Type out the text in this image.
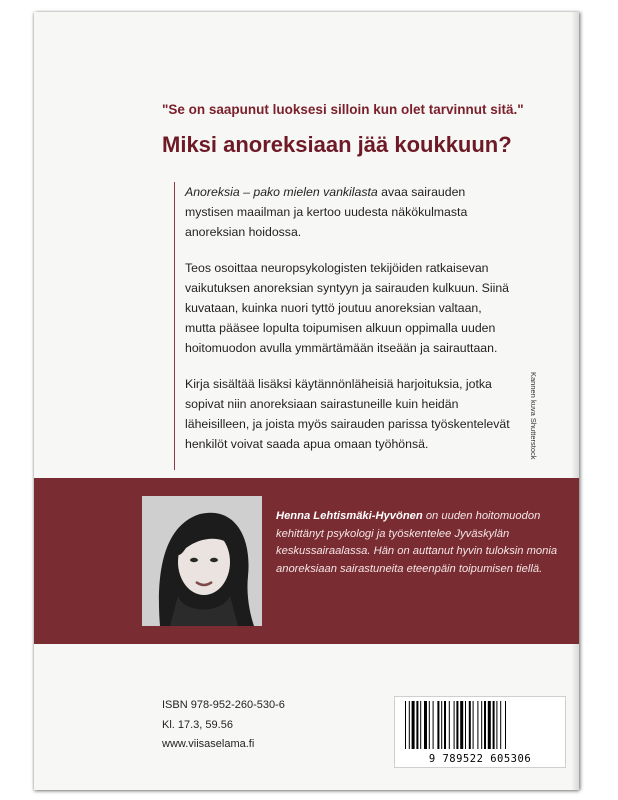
"Se on saapunut luoksesi silloin kun olet tarvinnut sitä."
Miksi anoreksiaan jää koukkuun?

Anoreksia – pako mielen vankilasta avaa sairauden mystisen maailman ja kertoo uudesta näkökulmasta anoreksian hoidossa.

Teos osoittaa neuropsykologisten tekijöiden ratkaisevan vaikutuksen anoreksian syntyyn ja sairauden kulkuun. Siinä kuvataan, kuinka nuori tyttö joutuu anoreksian valtaan, mutta pääsee lopulta toipumisen alkuun oppimalla uuden hoitomuodon avulla ymmärtämään itseään ja sairauttaan.

Kirja sisältää lisäksi käytännönläheisiä harjoituksia, jotka sopivat niin anoreksiaan sairastuneille kuin heidän läheisilleen, ja joista myös sairauden parissa työskentelevät henkilöt voivat saada apua omaan työhönsä.	Kannen kuva Shutterstock
Henna Lehtismäki-Hyvönen on uuden hoitomuodon kehittänyt psykologi ja työskentelee Jyväskylän keskussairaalassa. Hän on auttanut hyvin tuloksin monia anoreksiaan sairastuneita eteenpäin toipumisen tiellä.
ISBN 978-952-260-530-6
Kl. 17.3, 59.56
www.viisaselama.fi
9 789522 605306
